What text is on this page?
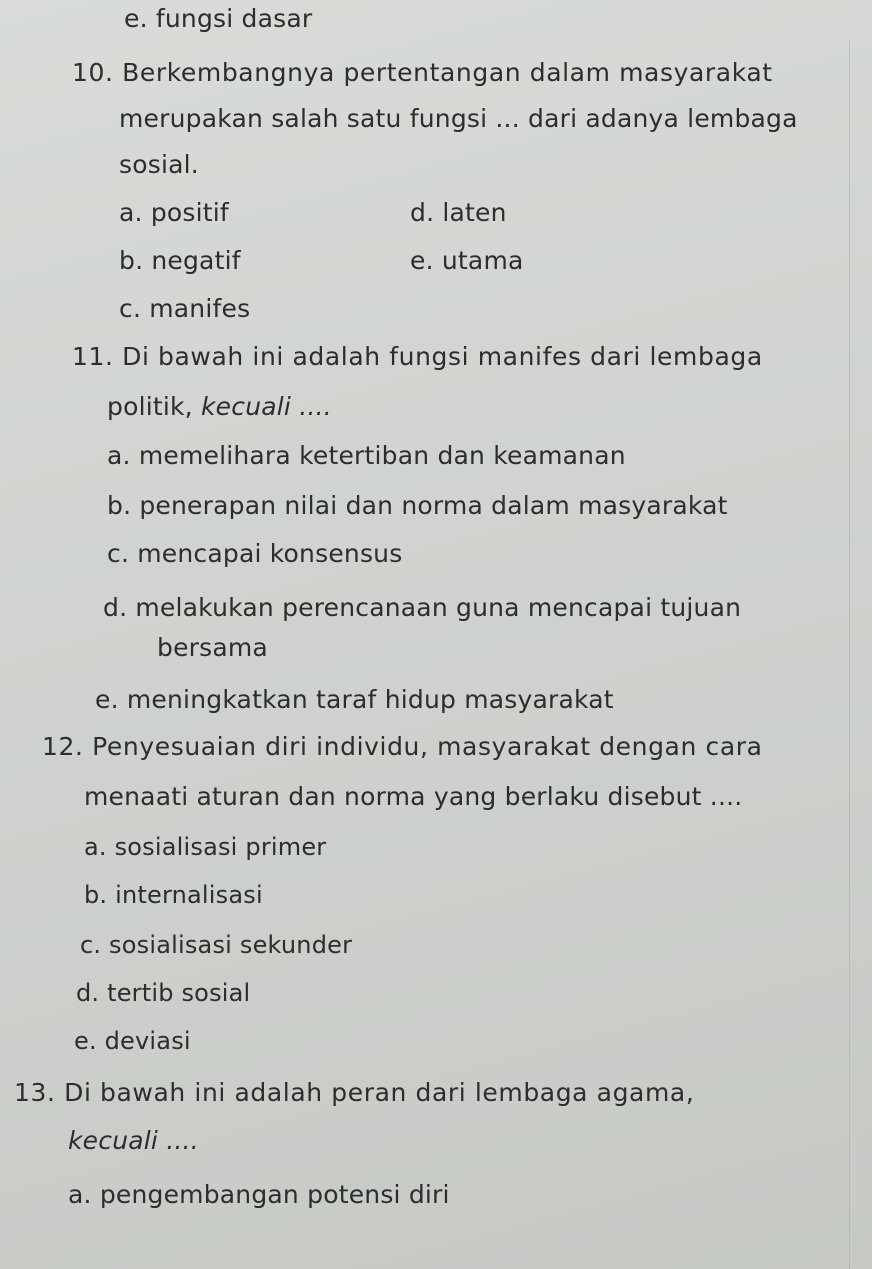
e. fungsi dasar
10. Berkembangnya pertentangan dalam masyarakat
merupakan salah satu fungsi ... dari adanya lembaga
sosial.
a. positif	d. laten
b. negatif	e. utama
c. manifes
11. Di bawah ini adalah fungsi manifes dari lembaga
politik, kecuali ....
a. memelihara ketertiban dan keamanan
b. penerapan nilai dan norma dalam masyarakat
c. mencapai konsensus
d. melakukan perencanaan guna mencapai tujuan
bersama
e. meningkatkan taraf hidup masyarakat
12. Penyesuaian diri individu, masyarakat dengan cara
menaati aturan dan norma yang berlaku disebut ....
a. sosialisasi primer
b. internalisasi
c. sosialisasi sekunder
d. tertib sosial
e. deviasi
13. Di bawah ini adalah peran dari lembaga agama,
kecuali ....
a. pengembangan potensi diri
